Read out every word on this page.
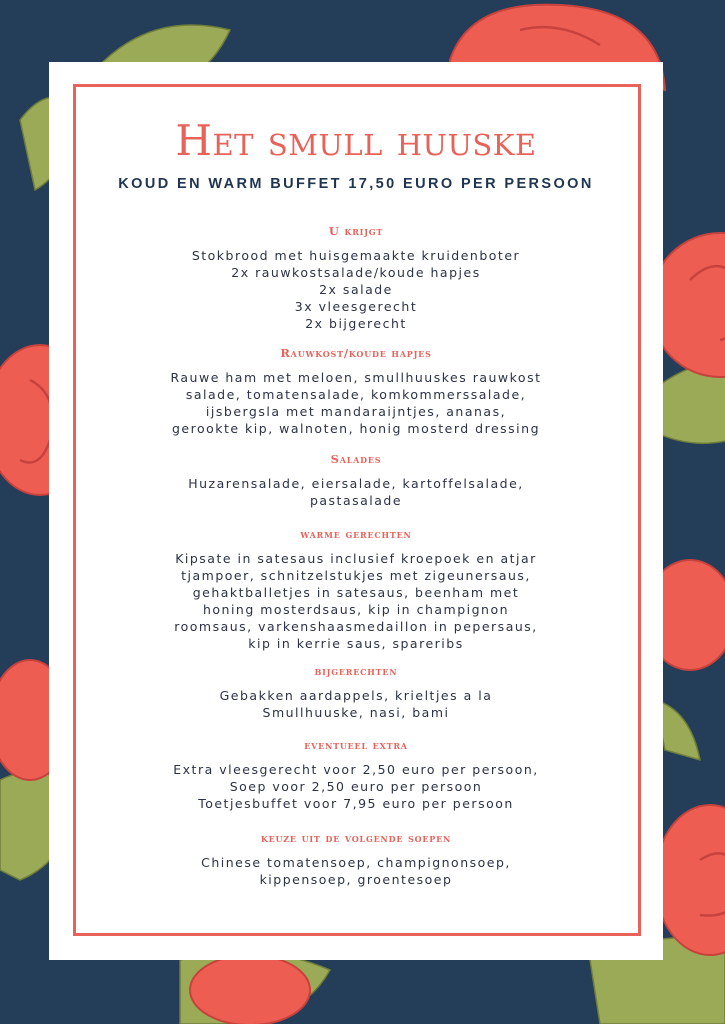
Het smull huuske
KOUD EN WARM BUFFET 17,50 EURO PER PERSOON
U krijgt
Stokbrood met huisgemaakte kruidenboter
2x rauwkostsalade/koude hapjes
2x salade
3x vleesgerecht
2x bijgerecht
Rauwkost/koude hapjes
Rauwe ham met meloen, smullhuuskes rauwkost
salade, tomatensalade, komkommerssalade,
ijsbergsla met mandaraijntjes, ananas,
gerookte kip, walnoten, honig mosterd dressing
Salades
Huzarensalade, eiersalade, kartoffelsalade,
pastasalade
warme gerechten
Kipsate in satesaus inclusief kroepoek en atjar
tjampoer, schnitzelstukjes met zigeunersaus,
gehaktballetjes in satesaus, beenham met
honing mosterdsaus, kip in champignon
roomsaus, varkenshaasmedaillon in pepersaus,
kip in kerrie saus, spareribs
bijgerechten
Gebakken aardappels, krieltjes a la
Smullhuuske, nasi, bami
eventueel extra
Extra vleesgerecht voor 2,50 euro per persoon,
Soep voor 2,50 euro per persoon
Toetjesbuffet voor 7,95 euro per persoon
keuze uit de volgende soepen
Chinese tomatensoep, champignonsoep,
kippensoep, groentesoep
